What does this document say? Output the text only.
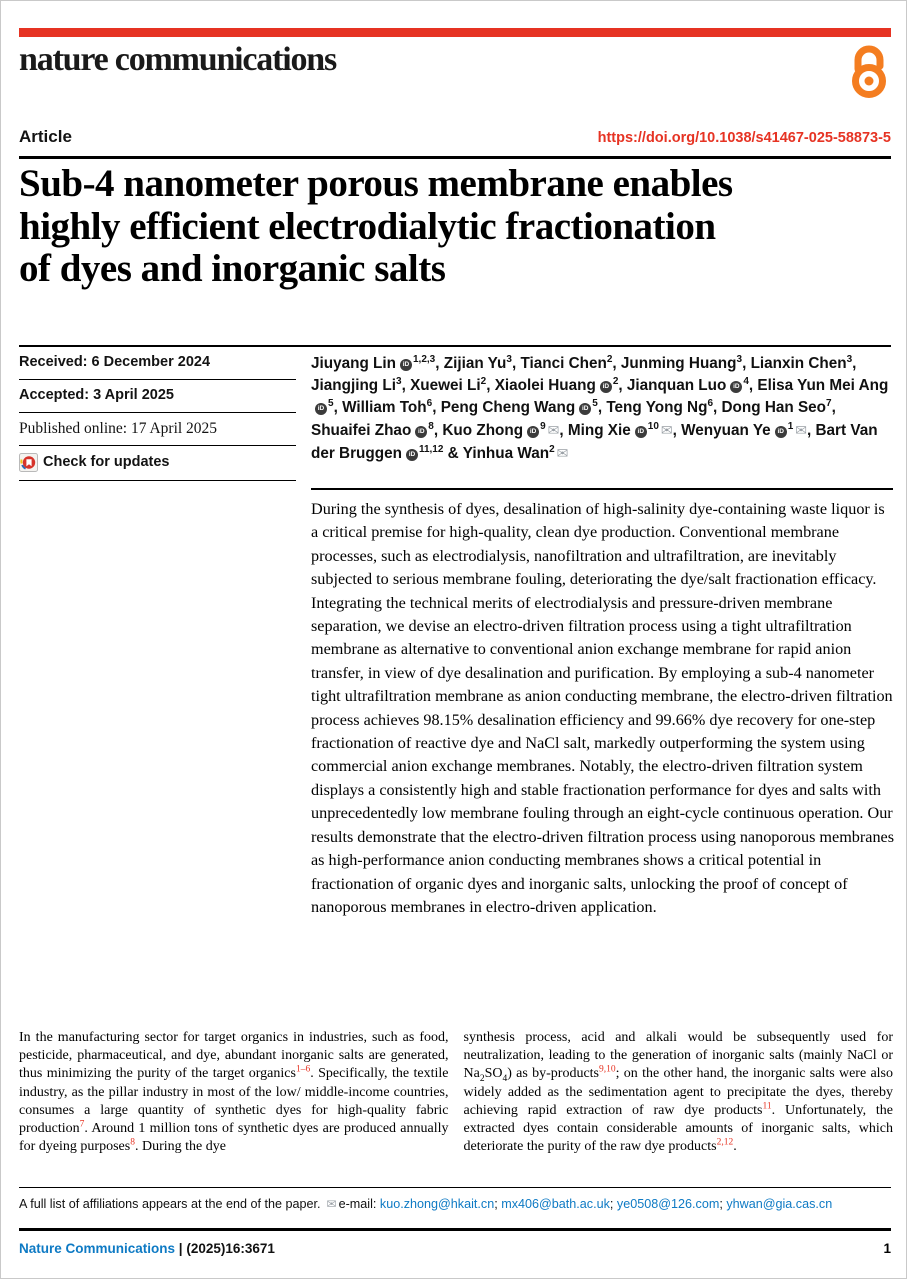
nature communications
Article	https://doi.org/10.1038/s41467-025-58873-5
Sub-4 nanometer porous membrane enables
highly efficient electrodialytic fractionation
of dyes and inorganic salts
Received: 6 December 2024
Accepted: 3 April 2025
Published online: 17 April 2025
Check for updates
Jiuyang Lin iD $^{1,2,3}$, Zijian Yu$^3$, Tianci Chen$^2$, Junming Huang$^3$, Lianxin Chen$^3$, Jiangjing Li$^3$, Xuewei Li$^2$, Xiaolei Huang iD $^2$, Jianquan Luo iD $^4$, Elisa Yun Mei AngiD $^5$, William Toh$^6$, Peng Cheng Wang iD $^5$, Teng Yong Ng$^6$, Dong Han Seo$^7$, Shuaifei Zhao iD $^8$, Kuo Zhong iD $^9$ ✉, Ming Xie iD $^{10}$ ✉, Wenyuan Ye iD $^1$ ✉, Bart Van der Bruggen iD $^{11,12}$ & Yinhua Wan$^2$ ✉
During the synthesis of dyes, desalination of high-salinity dye-containing waste liquor is a critical premise for high-quality, clean dye production. Conventional membrane processes, such as electrodialysis, nanofiltration and ultrafiltration, are inevitably subjected to serious membrane fouling, deteriorating the dye/salt fractionation efficacy. Integrating the technical merits of electrodialysis and pressure-driven membrane separation, we devise an electro-driven filtration process using a tight ultrafiltration membrane as alternative to conventional anion exchange membrane for rapid anion transfer, in view of dye desalination and purification. By employing a sub-4 nanometer tight ultrafiltration membrane as anion conducting membrane, the electro-driven filtration process achieves 98.15% desalination efficiency and 99.66% dye recovery for one-step fractionation of reactive dye and NaCl salt, markedly outperforming the system using commercial anion exchange membranes. Notably, the electro-driven filtration system displays a consistently high and stable fractionation performance for dyes and salts with unprecedentedly low membrane fouling through an eight-cycle continuous operation. Our results demonstrate that the electro-driven filtration process using nanoporous membranes as high-performance anion conducting membranes shows a critical potential in fractionation of organic dyes and inorganic salts, unlocking the proof of concept of nanoporous membranes in electro-driven application.
In the manufacturing sector for target organics in industries, such as food, pesticide, pharmaceutical, and dye, abundant inorganic salts are generated, thus minimizing the purity of the target organics$^{1-6}$. Specifically, the textile industry, as the pillar industry in most of the low/ middle-income countries, consumes a large quantity of synthetic dyes for high-quality fabric production$^7$. Around 1 million tons of synthetic dyes are produced annually for dyeing purposes$^8$. During the dye
synthesis process, acid and alkali would be subsequently used for neutralization, leading to the generation of inorganic salts (mainly NaCl or $Na_2SO_4$) as by-products$^{9,10}$; on the other hand, the inorganic salts were also widely added as the sedimentation agent to precipitate the dyes, thereby achieving rapid extraction of raw dye products$^{11}$. Unfortunately, the extracted dyes contain considerable amounts of inorganic salts, which deteriorate the purity of the raw dye products$^{2,12}$.
A full list of affiliations appears at the end of the paper. ✉ e-mail: kuo.zhong@hkait.cn; mx406@bath.ac.uk; ye0508@126.com; yhwan@gia.cas.cn
Nature Communications | (2025)16:3671	1
